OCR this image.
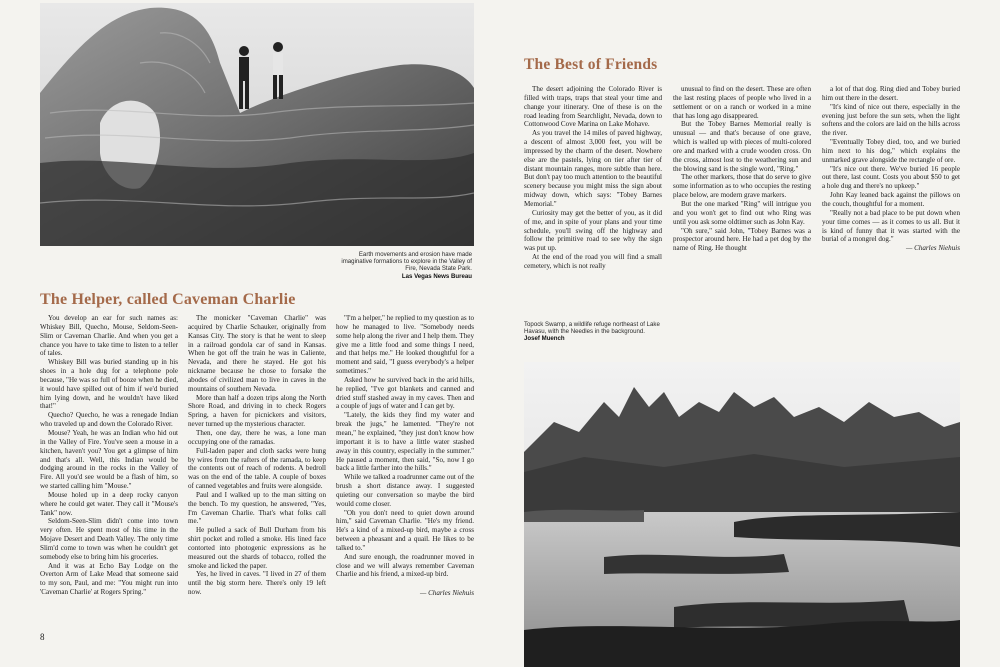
Earth movements and erosion have made imaginative formations to explore in the Valley of Fire, Nevada State Park.
Las Vegas News Bureau
The Best of Friends

The desert adjoining the Colorado River is filled with traps, traps that steal your time and change your itinerary. One of these is on the road leading from Searchlight, Nevada, down to Cottonwood Cove Marina on Lake Mohave.

As you travel the 14 miles of paved highway, a descent of almost 3,000 feet, you will be impressed by the charm of the desert. Nowhere else are the pastels, lying on tier after tier of distant mountain ranges, more subtle than here. But don't pay too much attention to the beautiful scenery because you might miss the sign about midway down, which says: "Tobey Barnes Memorial."

Curiosity may get the better of you, as it did of me, and in spite of your plans and your time schedule, you'll swing off the highway and follow the primitive road to see why the sign was put up.

At the end of the road you will find a small cemetery, which is not really

unusual to find on the desert. These are often the last resting places of people who lived in a settlement or on a ranch or worked in a mine that has long ago disappeared.

But the Tobey Barnes Memorial really is unusual — and that's because of one grave, which is walled up with pieces of multi-colored ore and marked with a crude wooden cross. On the cross, almost lost to the weathering sun and the blowing sand is the single word, "Ring."

The other markers, those that do serve to give some information as to who occupies the resting place below, are modern grave markers.

But the one marked "Ring" will intrigue you and you won't get to find out who Ring was until you ask some oldtimer such as John Kay.

"Oh sure," said John, "Tobey Barnes was a prospector around here. He had a pet dog by the name of Ring. He thought

a lot of that dog. Ring died and Tobey buried him out there in the desert.

"It's kind of nice out there, especially in the evening just before the sun sets, when the light softens and the colors are laid on the hills across the river.

"Eventually Tobey died, too, and we buried him next to his dog," which explains the unmarked grave alongside the rectangle of ore.

"It's nice out there. We've buried 16 people out there, last count. Costs you about $50 to get a hole dug and there's no upkeep."

John Kay leaned back against the pillows on the couch, thoughtful for a moment.

"Really not a bad place to be put down when your time comes — as it comes to us all. But it is kind of funny that it was started with the burial of a mongrel dog."

— Charles Niehuis

The Helper, called Caveman Charlie

You develop an ear for such names as: Whiskey Bill, Quecho, Mouse, Seldom-Seen-Slim or Caveman Charlie. And when you get a chance you have to take time to listen to a teller of tales.

Whiskey Bill was buried standing up in his shoes in a hole dug for a telephone pole because, "He was so full of booze when he died, it would have spilled out of him if we'd buried him lying down, and he wouldn't have liked that!"

Quecho? Quecho, he was a renegade Indian who traveled up and down the Colorado River.

Mouse? Yeah, he was an Indian who hid out in the Valley of Fire. You've seen a mouse in a kitchen, haven't you? You get a glimpse of him and that's all. Well, this Indian would be dodging around in the rocks in the Valley of Fire. All you'd see would be a flash of him, so we started calling him "Mouse."

Mouse holed up in a deep rocky canyon where he could get water. They call it "Mouse's Tank" now.

Seldom-Seen-Slim didn't come into town very often. He spent most of his time in the Mojave Desert and Death Valley. The only time Slim'd come to town was when he couldn't get somebody else to bring him his groceries.

And it was at Echo Bay Lodge on the Overton Arm of Lake Mead that someone said to my son, Paul, and me: "You might run into 'Caveman Charlie' at Rogers Spring."

The monicker "Caveman Charlie" was acquired by Charlie Schauker, originally from Kansas City. The story is that he went to sleep in a railroad gondola car of sand in Kansas. When he got off the train he was in Caliente, Nevada, and there he stayed. He got his nickname because he chose to forsake the abodes of civilized man to live in caves in the mountains of southern Nevada.

More than half a dozen trips along the North Shore Road, and driving in to check Rogers Spring, a haven for picnickers and visitors, never turned up the mysterious character.

Then, one day, there he was, a lone man occupying one of the ramadas.

Full-laden paper and cloth sacks were hung by wires from the rafters of the ramada, to keep the contents out of reach of rodents. A bedroll was on the end of the table. A couple of boxes of canned vegetables and fruits were alongside.

Paul and I walked up to the man sitting on the bench. To my question, he answered, "Yes, I'm Caveman Charlie. That's what folks call me."

He pulled a sack of Bull Durham from his shirt pocket and rolled a smoke. His lined face contorted into photogenic expressions as he measured out the shards of tobacco, rolled the smoke and licked the paper.

Yes, he lived in caves. "I lived in 27 of them until the big storm here. There's only 19 left now.

"I'm a helper," he replied to my question as to how he managed to live. "Somebody needs some help along the river and I help them. They give me a little food and some things I need, and that helps me." He looked thoughtful for a moment and said, "I guess everybody's a helper sometimes."

Asked how he survived back in the arid hills, he replied, "I've got blankets and canned and dried stuff stashed away in my caves. Then and a couple of jugs of water and I can get by.

"Lately, the kids they find my water and break the jugs," he lamented. "They're not mean," he explained, "they just don't know how important it is to have a little water stashed away in this country, especially in the summer." He paused a moment, then said, "So, now I go back a little farther into the hills."

While we talked a roadrunner came out of the brush a short distance away. I suggested quieting our conversation so maybe the bird would come closer.

"Oh you don't need to quiet down around him," said Caveman Charlie. "He's my friend. He's a kind of a mixed-up bird, maybe a cross between a pheasant and a quail. He likes to be talked to."

And sure enough, the roadrunner moved in close and we will always remember Caveman Charlie and his friend, a mixed-up bird.

— Charles Niehuis

8
Topock Swamp, a wildlife refuge northeast of Lake Havasu, with the Needles in the background.
Josef Muench
